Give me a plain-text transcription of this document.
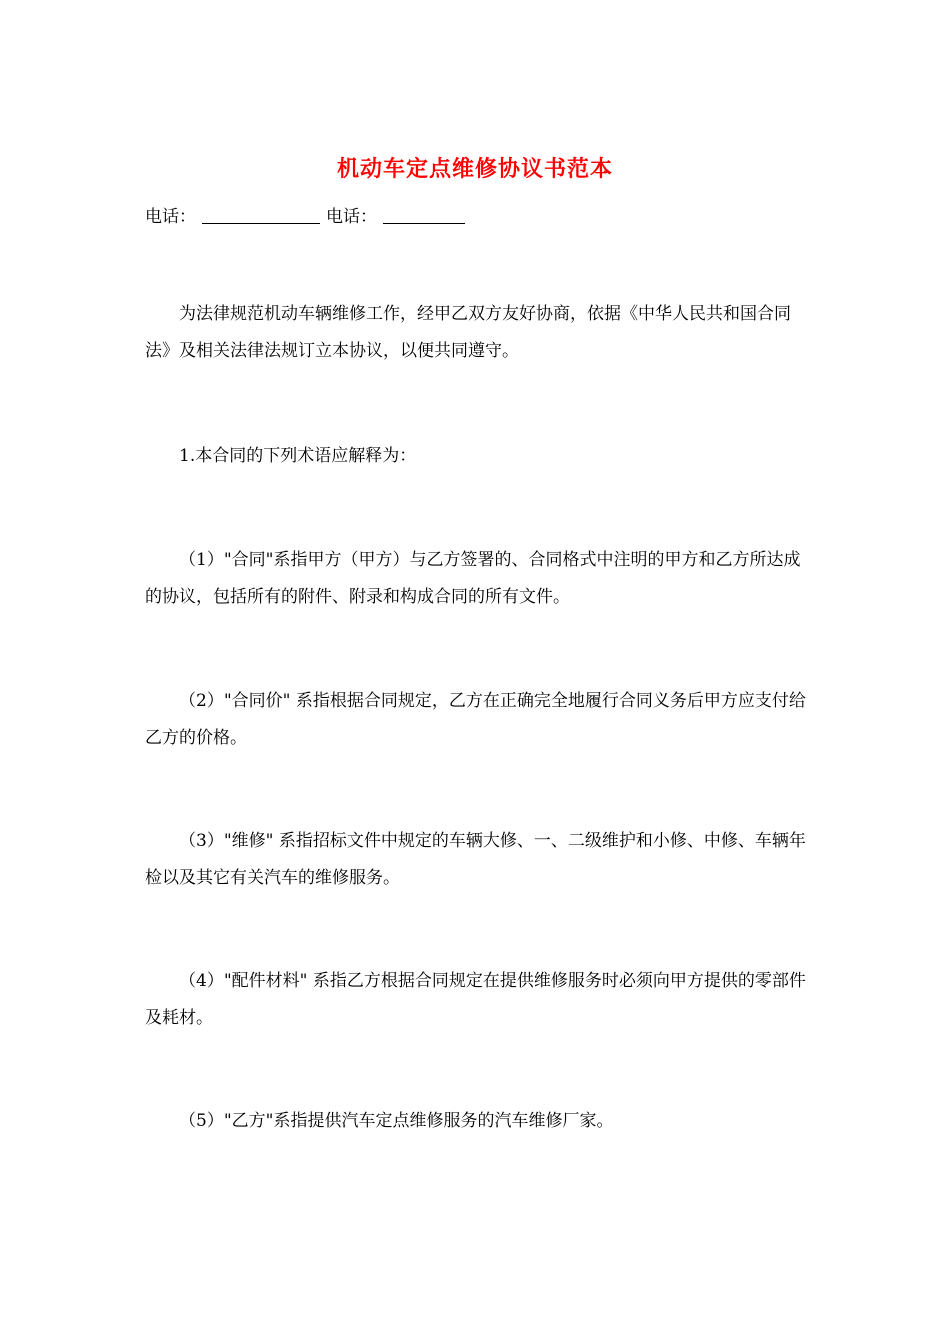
机动车定点维修协议书范本
电话：	电话：
为法律规范机动车辆维修工作，经甲乙双方友好协商，依据《中华人民共和国合同法》及相关法律法规订立本协议，以便共同遵守。
1.本合同的下列术语应解释为：
（1）"合同"系指甲方（甲方）与乙方签署的、合同格式中注明的甲方和乙方所达成的协议，包括所有的附件、附录和构成合同的所有文件。
（2）"合同价" 系指根据合同规定，乙方在正确完全地履行合同义务后甲方应支付给乙方的价格。
（3）"维修" 系指招标文件中规定的车辆大修、一、二级维护和小修、中修、车辆年检以及其它有关汽车的维修服务。
（4）"配件材料" 系指乙方根据合同规定在提供维修服务时必须向甲方提供的零部件及耗材。
（5）"乙方"系指提供汽车定点维修服务的汽车维修厂家。
